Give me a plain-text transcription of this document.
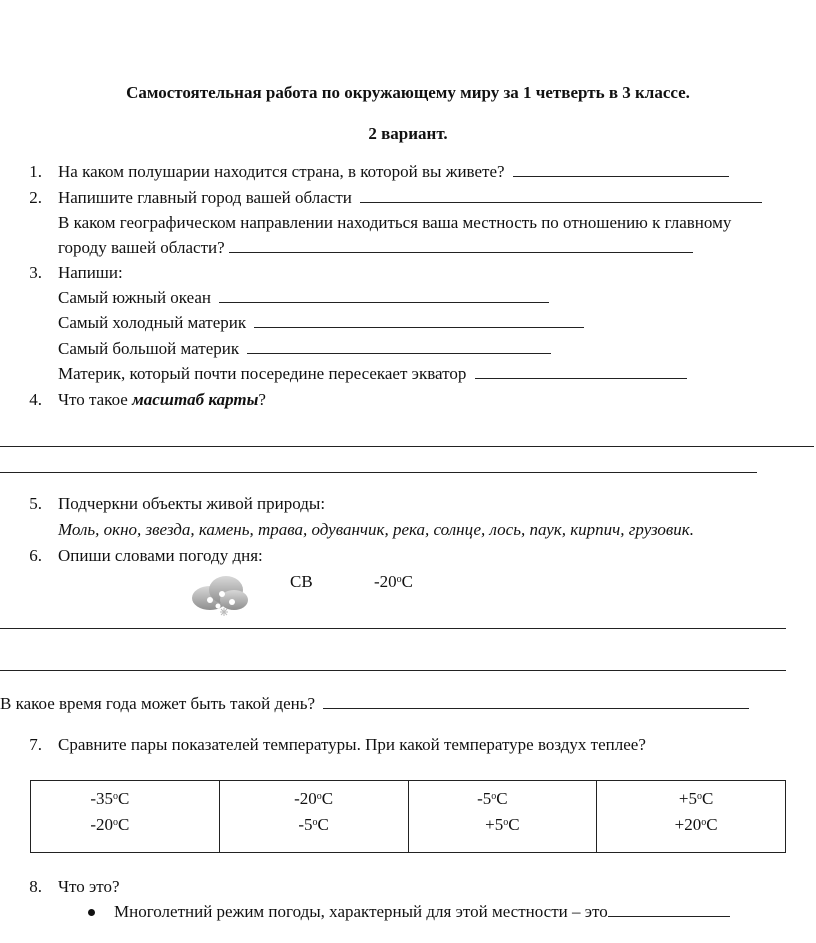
Самостоятельная работа по окружающему миру за 1 четверть в 3 классе.
2 вариант.
1. На каком полушарии находится страна, в которой вы живете?
2. Напишите главный город вашей области
В каком географическом направлении находиться ваша местность по отношению к главному
городу вашей области?
3. Напиши:
Самый южный океан
Самый холодный материк
Самый большой материк
Материк, который почти посередине пересекает экватор
4. Что такое масштаб карты?
5. Подчеркни объекты живой природы:
Моль, окно, звезда, камень, трава, одуванчик, река, солнце, лось, паук, кирпич, грузовик.
6. Опиши словами погоду дня:
СВ	$-20^оС$
В какое время года может быть такой день?
7. Сравните пары показателей температуры. При какой температуре воздух теплее?
$-35^оС$
$-20^оС$

$-20^оС$
$-5^оС$

$-5^оС$
$+5^оС$

$+5^оС$
$+20^оС$
8. Что это?
Многолетний режим погоды, характерный для этой местности – это
